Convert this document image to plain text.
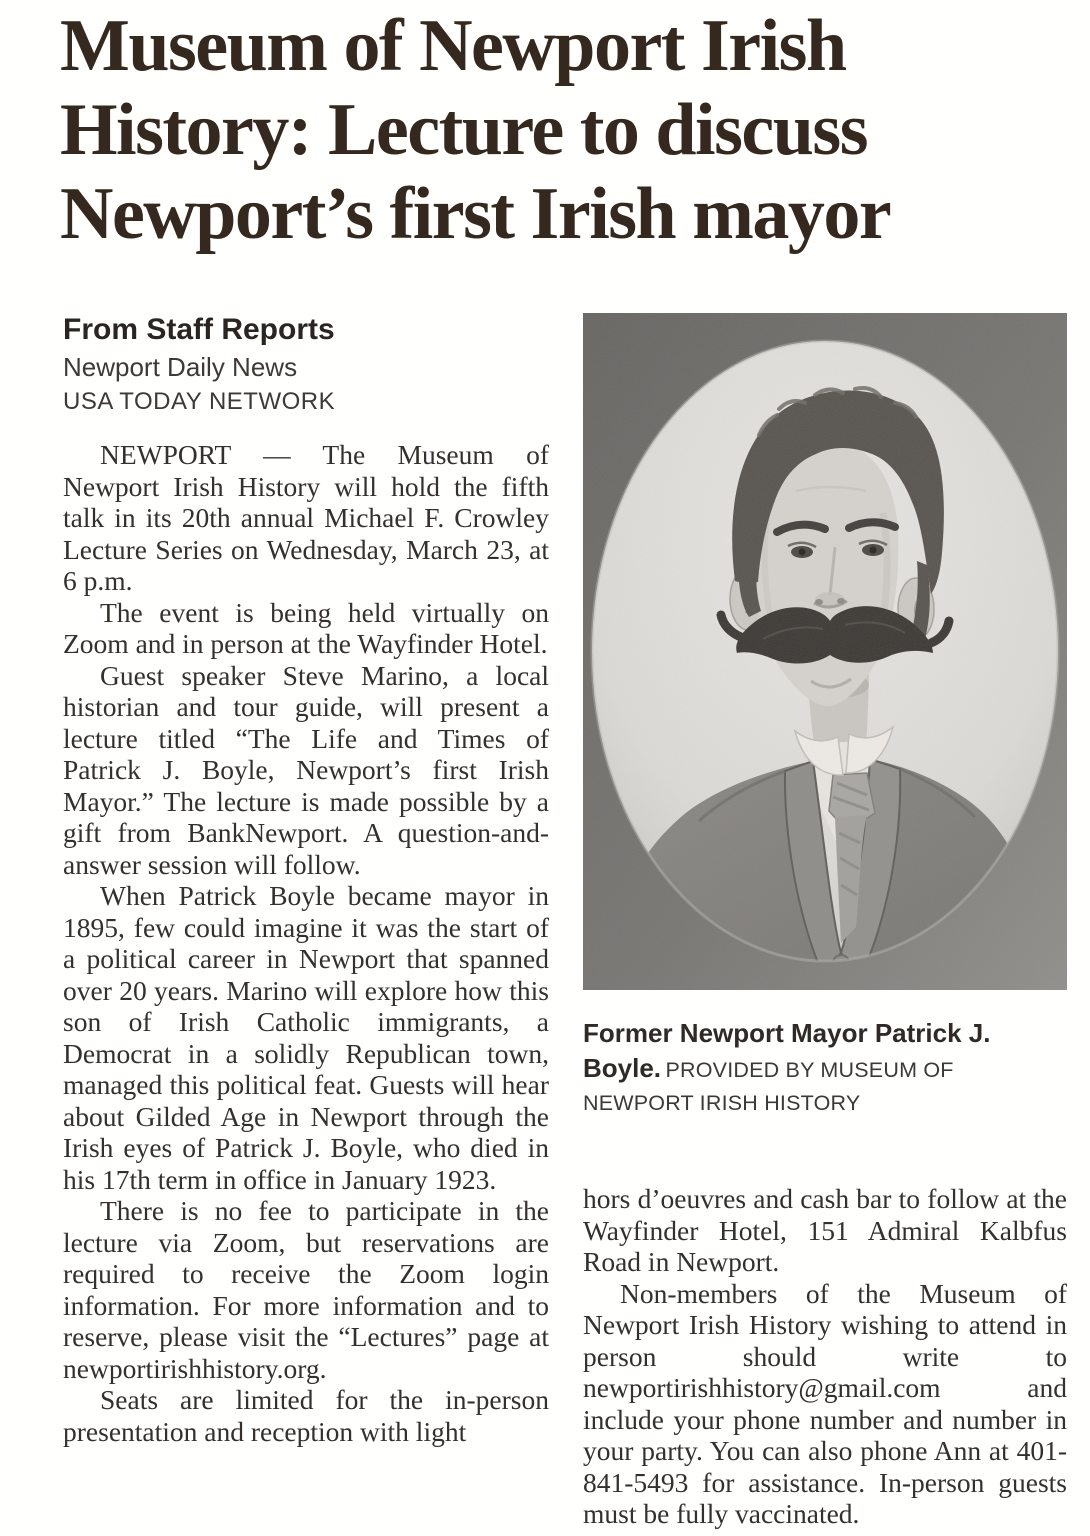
Museum of Newport Irish
History: Lecture to discuss
Newport’s first Irish mayor
From Staff Reports
Newport Daily News
USA TODAY NETWORK

NEWPORT — The Museum of Newport Irish History will hold the fifth talk in its 20th annual Michael F. Crowley Lecture Series on Wednesday, March 23, at 6 p.m.

The event is being held virtually on Zoom and in person at the Wayfinder Hotel.

Guest speaker Steve Marino, a local historian and tour guide, will present a lecture titled “The Life and Times of Patrick J. Boyle, Newport’s first Irish Mayor.” The lecture is made possible by a gift from BankNewport. A question-and-answer session will follow.

When Patrick Boyle became mayor in 1895, few could imagine it was the start of a political career in Newport that spanned over 20 years. Marino will explore how this son of Irish Catholic immigrants, a Democrat in a solidly Republican town, managed this political feat. Guests will hear about Gilded Age in Newport through the Irish eyes of Patrick J. Boyle, who died in his 17th term in office in January 1923.

There is no fee to participate in the lecture via Zoom, but reservations are required to receive the Zoom login information. For more information and to reserve, please visit the “Lectures” page at newportirishhistory.org.

Seats are limited for the in-person presentation and reception with light

Former Newport Mayor Patrick J. Boyle. PROVIDED BY MUSEUM OF NEWPORT IRISH HISTORY

hors d’oeuvres and cash bar to follow at the Wayfinder Hotel, 151 Admiral Kalbfus Road in Newport.

Non-members of the Museum of Newport Irish History wishing to attend in person should write to newportirishhistory@gmail.com and include your phone number and number in your party. You can also phone Ann at 401-841-5493 for assistance. In-person guests must be fully vaccinated.
